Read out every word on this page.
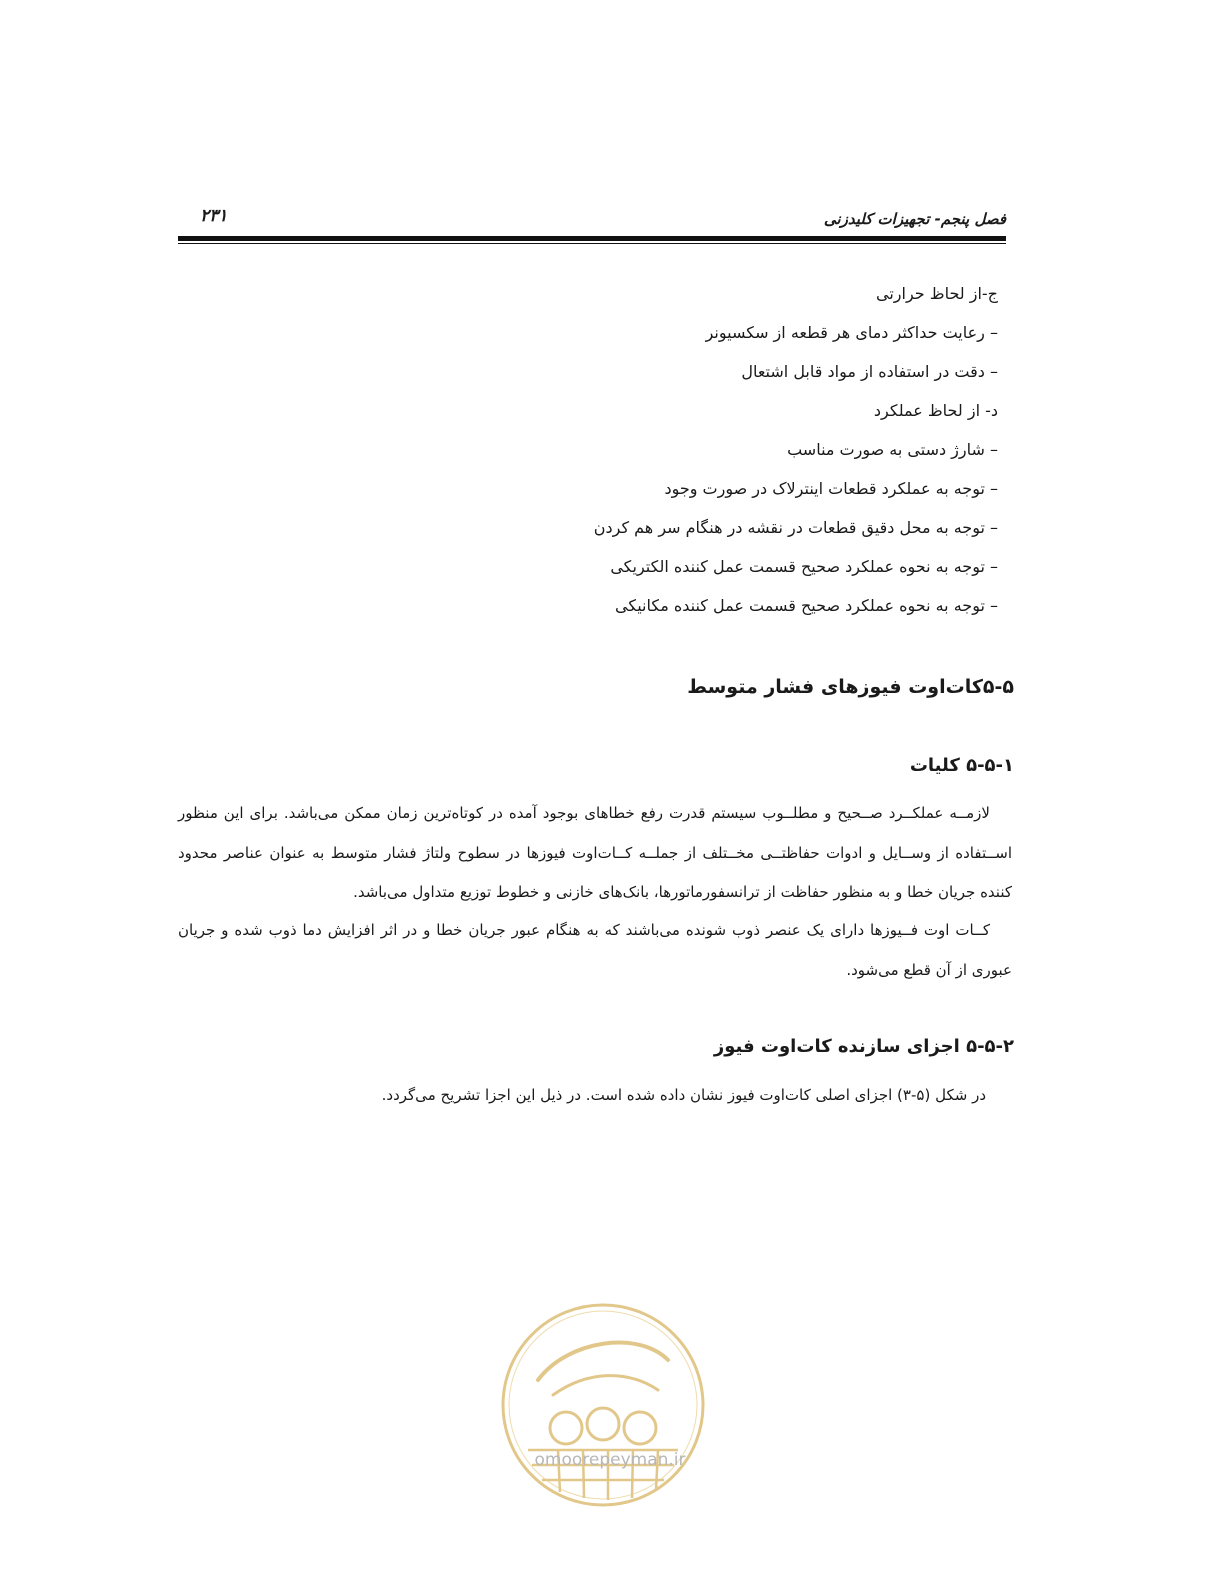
فصل پنجم- تجهیزات کلیدزنی
۲۳۱
ج-از لحاظ حرارتی
– رعایت حداکثر دمای هر قطعه از سکسیونر
– دقت در استفاده از مواد قابل اشتعال
د- از لحاظ عملکرد
– شارژ دستی به صورت مناسب
– توجه به عملکرد قطعات اینترلاک در صورت وجود
– توجه به محل دقیق قطعات در نقشه در هنگام سر هم کردن
– توجه به نحوه عملکرد صحیح قسمت عمل کننده الکتریکی
– توجه به نحوه عملکرد صحیح قسمت عمل کننده مکانیکی
۵-۵کات‌اوت فیوزهای فشار متوسط
۵-۵-۱ کلیات

لازمــه عملکــرد صــحیح و مطلــوب سیستم قدرت رفع خطاهای بوجود آمده در کوتاه‌ترین زمان ممکن می‌باشد. برای این منظور اســتفاده از وســایل و ادوات حفاظتــی مخــتلف از جملــه کــات‌اوت فیوزها در سطوح ولتاژ فشار متوسط به عنوان عناصر محدود کننده جریان خطا و به منظور حفاظت از ترانسفورماتورها، بانک‌های خازنی و خطوط توزیع متداول می‌باشد.

کــات اوت فــیوزها دارای یک عنصر ذوب شونده می‌باشند که به هنگام عبور جریان خطا و در اثر افزایش دما ذوب شده و جریان عبوری از آن قطع می‌شود.

۵-۵-۲ اجزای سازنده کات‌اوت فیوز

در شکل (۵-۳) اجزای اصلی کات‌اوت فیوز نشان داده شده است. در ذیل این اجزا تشریح می‌گردد.

omoorepeyman.ir
